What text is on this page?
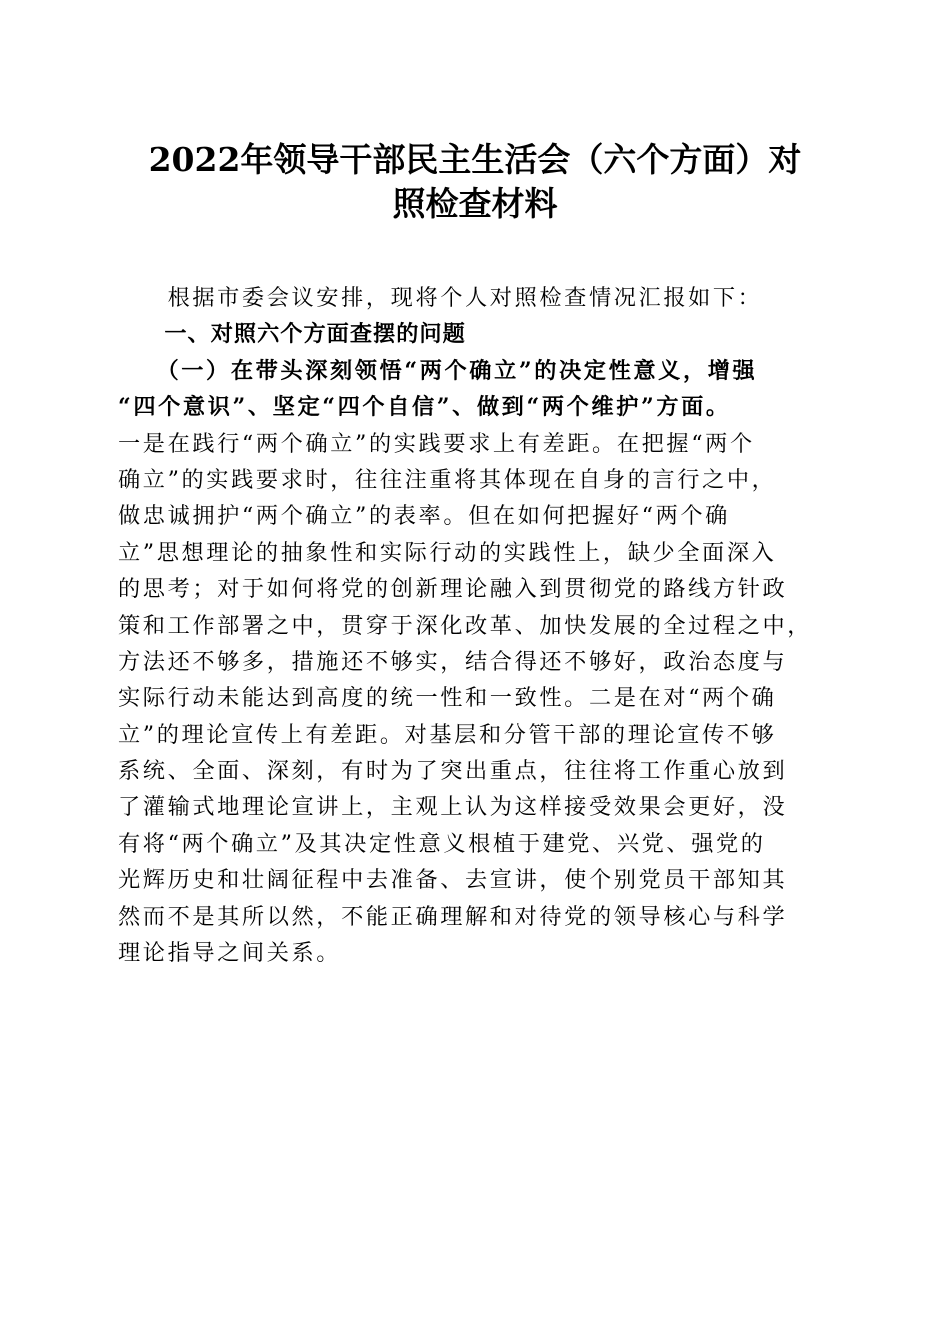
2022年领导干部民主生活会（六个方面）对
照检查材料
　　根据市委会议安排，现将个人对照检查情况汇报如下：
　　一、对照六个方面查摆的问题
　　（一）在带头深刻领悟“两个确立”的决定性意义，增强
“四个意识”、坚定“四个自信”、做到“两个维护”方面。
一是在践行“两个确立”的实践要求上有差距。在把握“两个
确立”的实践要求时，往往注重将其体现在自身的言行之中，
做忠诚拥护“两个确立”的表率。但在如何把握好“两个确
立”思想理论的抽象性和实际行动的实践性上，缺少全面深入
的思考；对于如何将党的创新理论融入到贯彻党的路线方针政
策和工作部署之中，贯穿于深化改革、加快发展的全过程之中，
方法还不够多，措施还不够实，结合得还不够好，政治态度与
实际行动未能达到高度的统一性和一致性。二是在对“两个确
立”的理论宣传上有差距。对基层和分管干部的理论宣传不够
系统、全面、深刻，有时为了突出重点，往往将工作重心放到
了灌输式地理论宣讲上，主观上认为这样接受效果会更好，没
有将“两个确立”及其决定性意义根植于建党、兴党、强党的
光辉历史和壮阔征程中去准备、去宣讲，使个别党员干部知其
然而不是其所以然，不能正确理解和对待党的领导核心与科学
理论指导之间关系。
